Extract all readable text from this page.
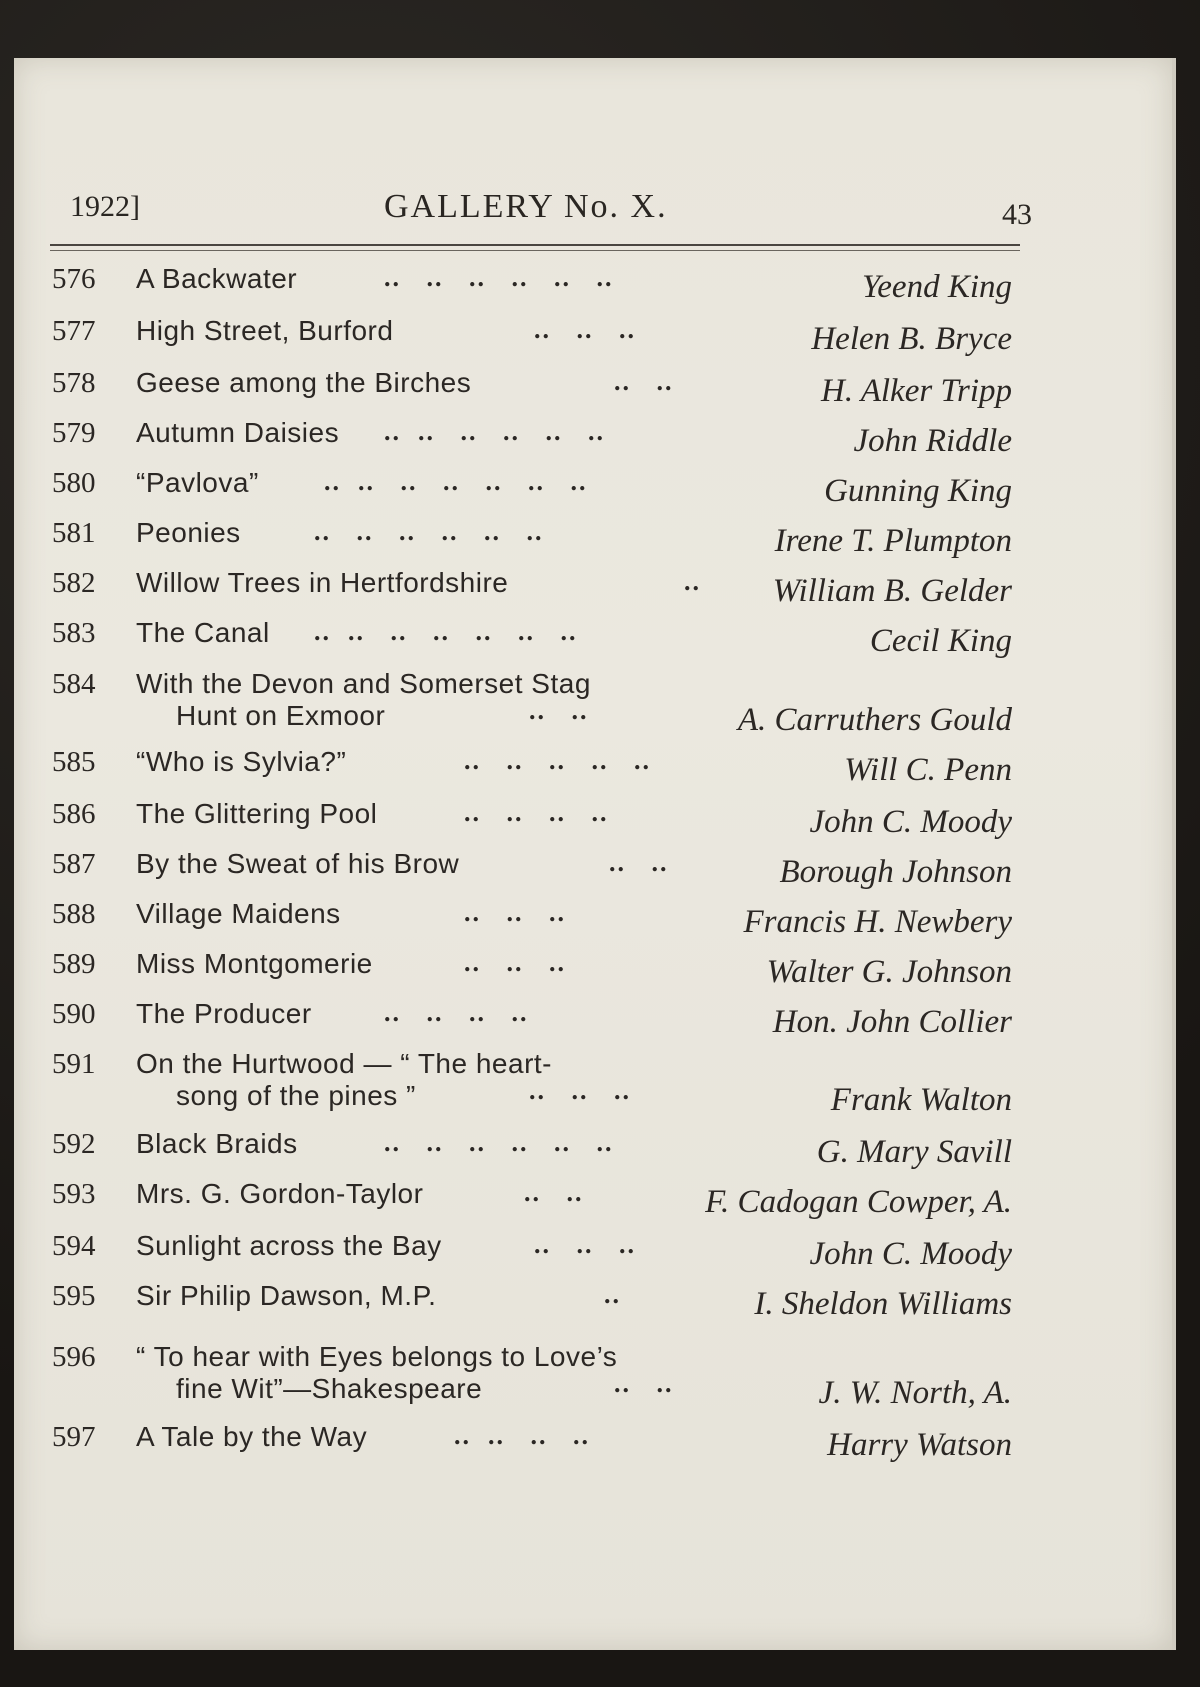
1922]	GALLERY No. X.	43
576 A Backwater	..   ..   ..   ..   ..   ..	Yeend King
577 High Street, Burford	..   ..   ..	Helen B. Bryce
578 Geese among the Birches	..   ..	H. Alker Tripp
579 Autumn Daisies ..  ..   ..   ..   ..   ..	John Riddle
580 “Pavlova”	..  ..   ..   ..   ..   ..   ..	Gunning King
581 Peonies	..   ..   ..   ..   ..   ..	Irene T. Plumpton
582 Willow Trees in Hertfordshire	.. William B. Gelder
583 The Canal ..  ..   ..   ..   ..   ..   ..	Cecil King
584 With the Devon and Somerset Stag
Hunt on Exmoor	..   ..	A. Carruthers Gould
585 “Who is Sylvia?”	..   ..   ..   ..   ..	Will C. Penn
586 The Glittering Pool	..   ..   ..   ..	John C. Moody
587 By the Sweat of his Brow	..   ..	Borough Johnson
588 Village Maidens	..   ..   ..	Francis H. Newbery
589 Miss Montgomerie	..   ..   ..	Walter G. Johnson
590 The Producer	..   ..   ..   ..	Hon. John Collier
591 On the Hurtwood — “ The heart-
song of the pines ”	..   ..   ..	Frank Walton
592 Black Braids	..   ..   ..   ..   ..   ..	G. Mary Savill
593 Mrs. G. Gordon-Taylor	..   ..	F. Cadogan Cowper, A.
594 Sunlight across the Bay	..   ..   ..	John C. Moody
595 Sir Philip Dawson, M.P.	..	I. Sheldon Williams
596 “ To hear with Eyes belongs to Love’s
fine Wit”—Shakespeare	..   ..	J. W. North, A.
597 A Tale by the Way	..  ..   ..   ..	Harry Watson
